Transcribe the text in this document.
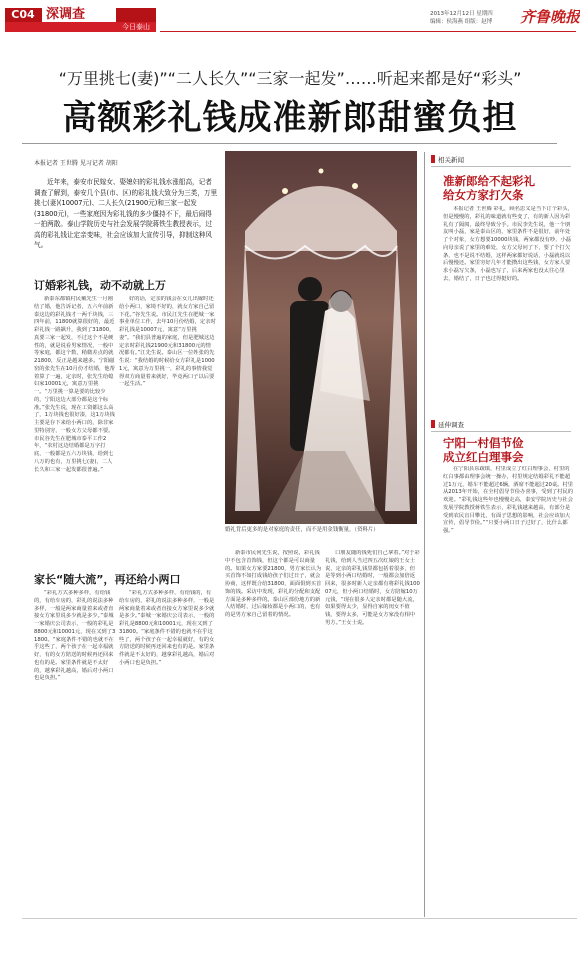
C04 深调查
今日泰山
2013年12月12日 星期四
编辑：侯海燕 组版：赵博 齐鲁晚报
“万里挑七(妻)”“二人长久”“三家一起发”……听起来都是好“彩头”
高额彩礼钱成准新郎甜蜜负担
本报记者 王世腾 见习记者 胡阳
近年来，泰安市民嫁女、娶媳妇的彩礼钱水涨船高，记者调查了解到，泰安几个县(市、区)的彩礼钱大致分为三类，万里挑七(妻)(10007元)、二人长久(21900元)和三家一起发(31800元)，一些家庭因为彩礼钱的多少僵持不下，最后闹得一拍两散。泰山学院历史与社会发展学院蒋铁生教授表示，过高的彩礼钱让定亲变味，社会应该加大宣传引导，抑制这种风气。
订婚彩礼钱，动不动就上万
新泰东都镇村民戴先生一月刚结了婚，他告诉记者，五六年前新泰这边的彩礼钱才一两千块钱，三四年前，11800就算很好的，最近彩礼钱一路飙升，我到了31800，真要三家一起发，不过这个不是硬性的，就是说看男家情况，一般中等家庭，都这个数，稍微差点的就21800，反正是越来越多。宁阳磁窑的张先生在10月份才结婚，他帮着算了一遍，定亲时，张先生给媳妇家10001元，寓意万里挑一。“万里挑一算是要的比较少的，宁阳这边大部分都是这个标准。”张先生说，现在工资都这么高了，1万块钱也很好凑，这1万块钱主要是存下来给小两口的，除非家里特别穷，一般女方父母都不要。市民谷先生在肥城市泰平工作2年，“农村这边结婚都是万字打底，一般都是五六万块钱，给到七八万的也有，万里挑七(妻)，二人长久和三家一起发都很普遍。”
好的话，定亲的钱会在女儿出嫁时还给小两口，家境不好的，就女方家自己留下花。”谷先生说。市民江先生在肥城一家事业单位工作，去年10月份结婚，定亲时彩礼钱是10007元，寓意“万里挑妻”。“我们县普遍的家庭，但是肥城这边定亲时彩礼钱21900元和31800元的情况都有。”江先生说。泰山区一位姓张的先生说：“我结婚的时候给女方彩礼是10001元，寓意为万里挑一，彩礼的事情我觉得双方商量着来就好，毕竟两口子以后要一起生活。”
婚礼背后更多的是对家庭的责任，而不是用金钱衡量。（资料片）
相关新闻
准新郎给不起彩礼
给女方家打欠条
本报记者 王世腾 彩礼，顾名思义是当下订个彩头，但是慢慢的，彩礼的味道就有些变了，有的新人因为彩礼有了隔阂，最终导致分手。市民李先生说，他一个朋友叫小磊，家是泰山区的，家里条件不是很好，前年处了个对象，女方想要10000块钱，两家都没有吵，小磊向母亲说了家里的难处，女方父母问了下，要了个打欠条，也不是说不结婚，这样两家都好说话，小磊就说以后慢慢还。家里穷好几年才能攒出这些钱，女方家人要求小磊写欠条，小磊也写了，后来两家也没太往心里去，婚结了，日子也过得挺好的。
延伸调查
宁阳一村倡节俭
成立红白理事会
在宁阳县东疏镇，村里成立了红白理事会，村里的红白事都由理事会统一操办，村里规定结婚彩礼不能超过1万元，婚车不能超过6辆，酒席不能超过20桌。村里从2013年开始，在全村倡导节俭办喜事，受到了村民的欢迎。“彩礼钱这些年也慢慢走高，泰安学院历史与社会发展学院教授蒋铁生表示，彩礼钱越来越高，有部分是受到农民盲目攀比，有面子思想的影响，社会应该加大宣传，倡导节俭。”“只要小两口日子过好了，比什么都强。”
家长“随大流”，再还给小两口
“彩礼方式多种多样，有给钱的，有给车房的，彩礼的说法多种多样，一般是两家商量着来或者直接女方家里说多少就是多少。”泰城一家婚庆公司表示，一般的彩礼是8800元和10001元，现在又到了31800。“家庭条件不错的也就不在乎这些了，两个孩子在一起幸福就好，有的女方陪送的时候再还回来也有的是。家里条件就是不太好的，越拿彩礼越高，婚后对小两口也是负担。”
“彩礼方式多种多样，有给钱的，有给车房的，彩礼的说法多种多样，一般是两家商量着来或者直接女方家里说多少就是多少。”泰城一家婚庆公司表示，一般的彩礼是8800元和10001元，现在又到了31800。“家庭条件不错的也就不在乎这些了，两个孩子在一起幸福就好，有的女方陪送的时候再还回来也有的是。家里条件就是不太好的，越拿彩礼越高，婚后对小两口也是负担。”
新泰市民何先生说，按照说，彩礼钱中不包含首饰钱，但这个都是可以商量的。如果女方家要21800，男方家长认为买首饰不如打成钱给孩子们过日子，就会协商，这样既合给31800，面面俱到买首饰的钱。采访中发现，彩礼的分配和支配方面是多种多样的。泰山区部份地方的新人结婚时，过后嫁妆都是小两口的，也有的是男方家自己留着的情况。
口朋友随的钱死们自己拿着。”对于彩礼钱，给到人当过四五次红娘的王女士说，定亲的彩礼钱里都包括着很多，但是等到小两口结婚时，一般都会加倍返回来，很多时新人定亲都有将彩礼钱10007元，但小两口结婚时，女方陪嫁10万元钱，“现在很多人定亲时都是随大流，如果要得太少，显得自家的闺女不值钱，要得太多，可能是女方家没有相中男方。”王女士说。
